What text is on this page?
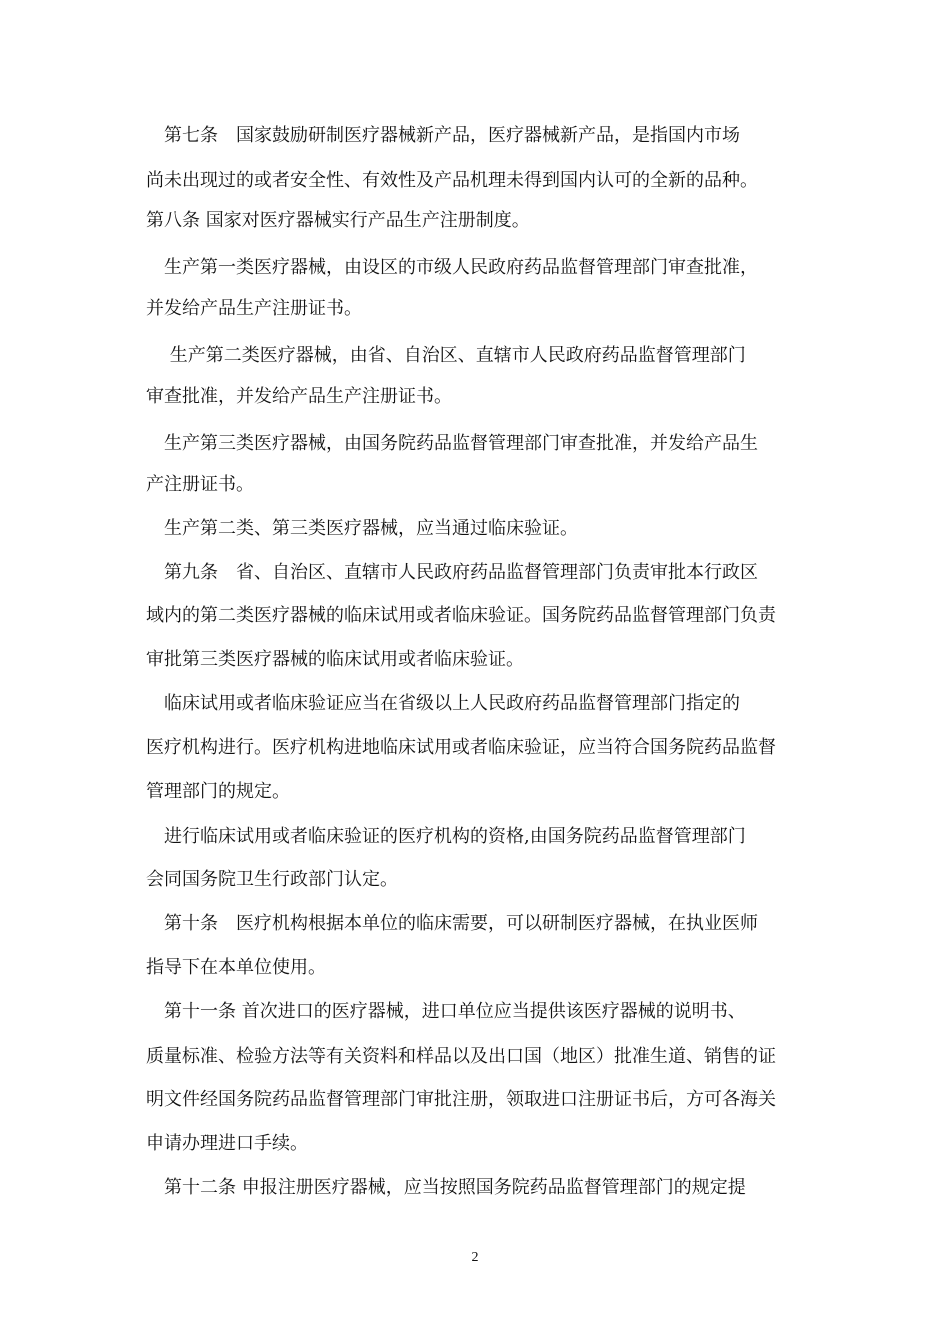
　第七条　国家鼓励研制医疗器械新产品，医疗器械新产品，是指国内市场

尚未出现过的或者安全性、有效性及产品机理未得到国内认可的全新的品种。

第八条 国家对医疗器械实行产品生产注册制度。

　生产第一类医疗器械，由设区的市级人民政府药品监督管理部门审查批准，

并发给产品生产注册证书。

　 生产第二类医疗器械，由省、自治区、直辖市人民政府药品监督管理部门

审查批准，并发给产品生产注册证书。

　生产第三类医疗器械，由国务院药品监督管理部门审查批准，并发给产品生

产注册证书。

　生产第二类、第三类医疗器械，应当通过临床验证。

　第九条　省、自治区、直辖市人民政府药品监督管理部门负责审批本行政区

域内的第二类医疗器械的临床试用或者临床验证。国务院药品监督管理部门负责

审批第三类医疗器械的临床试用或者临床验证。

　临床试用或者临床验证应当在省级以上人民政府药品监督管理部门指定的

医疗机构进行。医疗机构进地临床试用或者临床验证，应当符合国务院药品监督

管理部门的规定。

　进行临床试用或者临床验证的医疗机构的资格,由国务院药品监督管理部门

会同国务院卫生行政部门认定。

　第十条　医疗机构根据本单位的临床需要，可以研制医疗器械，在执业医师

指导下在本单位使用。

　第十一条 首次进口的医疗器械，进口单位应当提供该医疗器械的说明书、

质量标准、检验方法等有关资料和样品以及出口国（地区）批准生道、销售的证

明文件经国务院药品监督管理部门审批注册，领取进口注册证书后，方可各海关

申请办理进口手续。

　第十二条 申报注册医疗器械，应当按照国务院药品监督管理部门的规定提

2
